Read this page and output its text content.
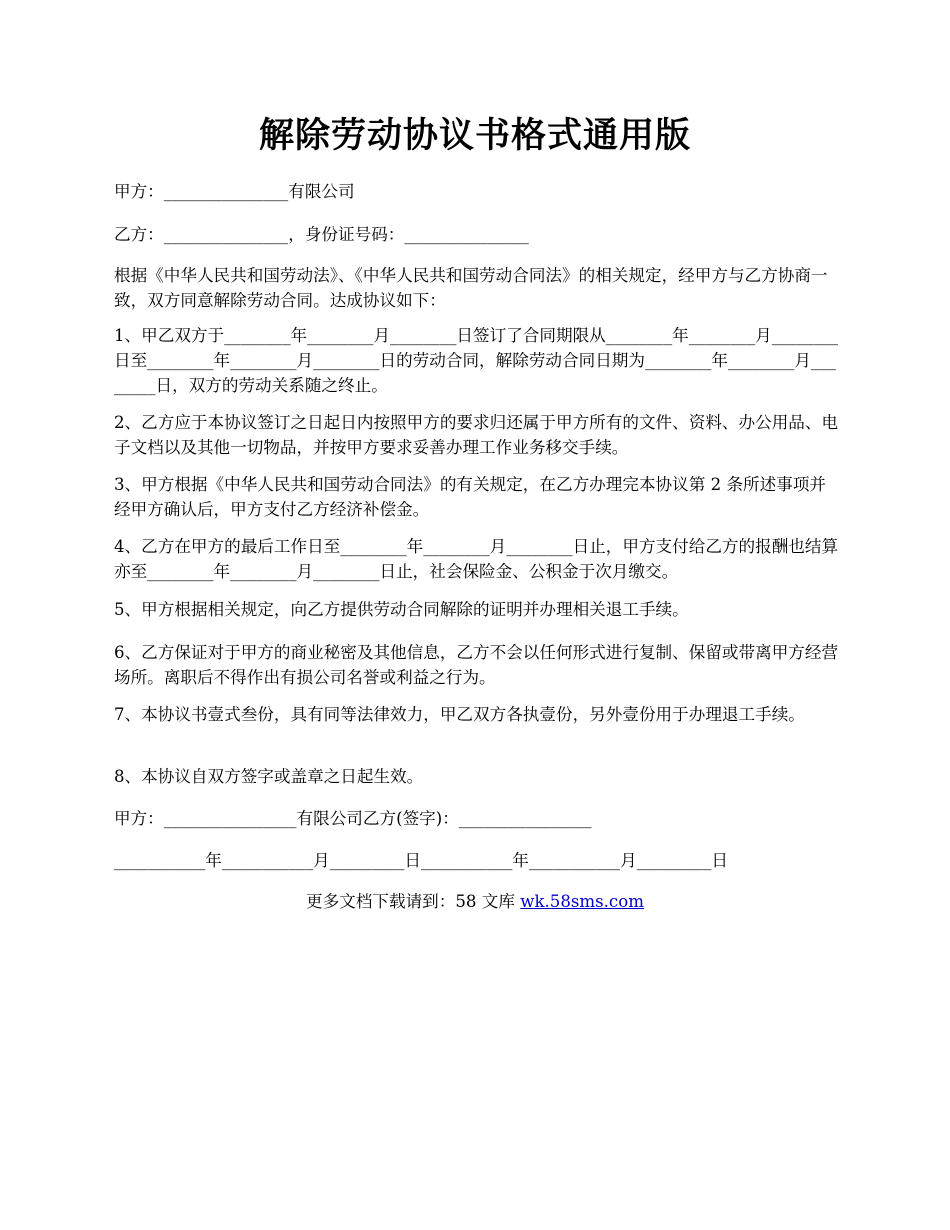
解除劳动协议书格式通用版
甲方：_______________有限公司
乙方：_______________，身份证号码：_______________
根据《中华人民共和国劳动法》、《中华人民共和国劳动合同法》的相关规定，经甲方与乙方协商一致，双方同意解除劳动合同。达成协议如下：
1、甲乙双方于________年________月________日签订了合同期限从________年________月________日至________年________月________日的劳动合同，解除劳动合同日期为________年________月________日，双方的劳动关系随之终止。
2、乙方应于本协议签订之日起日内按照甲方的要求归还属于甲方所有的文件、资料、办公用品、电子文档以及其他一切物品，并按甲方要求妥善办理工作业务移交手续。
3、甲方根据《中华人民共和国劳动合同法》的有关规定，在乙方办理完本协议第 2 条所述事项并经甲方确认后，甲方支付乙方经济补偿金。
4、乙方在甲方的最后工作日至________年________月________日止，甲方支付给乙方的报酬也结算亦至________年________月________日止，社会保险金、公积金于次月缴交。
5、甲方根据相关规定，向乙方提供劳动合同解除的证明并办理相关退工手续。
6、乙方保证对于甲方的商业秘密及其他信息，乙方不会以任何形式进行复制、保留或带离甲方经营场所。离职后不得作出有损公司名誉或利益之行为。
7、本协议书壹式叁份，具有同等法律效力，甲乙双方各执壹份，另外壹份用于办理退工手续。
8、本协议自双方签字或盖章之日起生效。
甲方：________________有限公司乙方(签字)：________________
___________年___________月_________日___________年___________月_________日
更多文档下载请到：58 文库 wk.58sms.com
